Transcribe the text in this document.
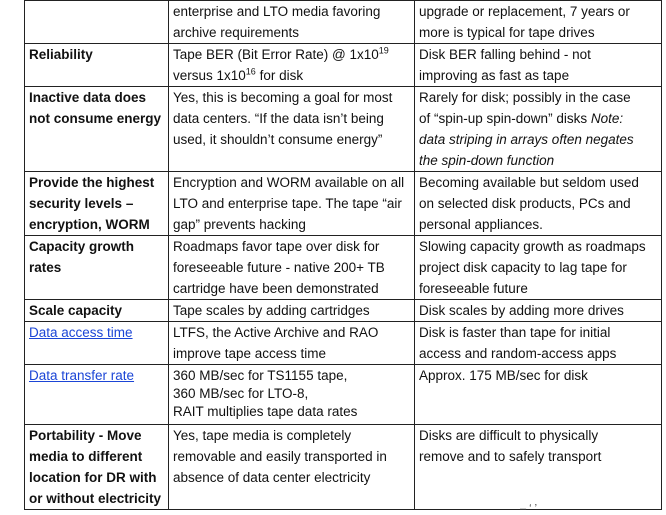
	enterprise and LTO media favoring
archive requirements	upgrade or replacement, 7 years or
more is typical for tape drives

Reliability	Tape BER (Bit Error Rate) @ $1x10^{19}$
versus $1x10^{16}$ for disk	Disk BER falling behind - not
improving as fast as tape

Inactive data does
not consume energy	Yes, this is becoming a goal for most
data centers. “If the data isn’t being
used, it shouldn’t consume energy”	Rarely for disk; possibly in the case
of “spin-up spin-down” disks Note:
data striping in arrays often negates
the spin-down function

Provide the highest
security levels –
encryption, WORM	Encryption and WORM available on all
LTO and enterprise tape. The tape “air
gap” prevents hacking	Becoming available but seldom used
on selected disk products, PCs and
personal appliances.

Capacity growth
rates	Roadmaps favor tape over disk for
foreseeable future - native 200+ TB
cartridge have been demonstrated	Slowing capacity growth as roadmaps
project disk capacity to lag tape for
foreseeable future

Scale capacity	Tape scales by adding cartridges	Disk scales by adding more drives

Data access time	LTFS, the Active Archive and RAO
improve tape access time	Disk is faster than tape for initial
access and random-access apps

Data transfer rate	360 MB/sec for TS1155 tape,
360 MB/sec for LTO-8,
RAIT multiplies tape data rates	Approx. 175 MB/sec for disk

Portability - Move
media to different
location for DR with
or without electricity	Yes, tape media is completely
removable and easily transported in
absence of data center electricity	Disks are difficult to physically
remove and to safely transport
– ʻ ʼ
